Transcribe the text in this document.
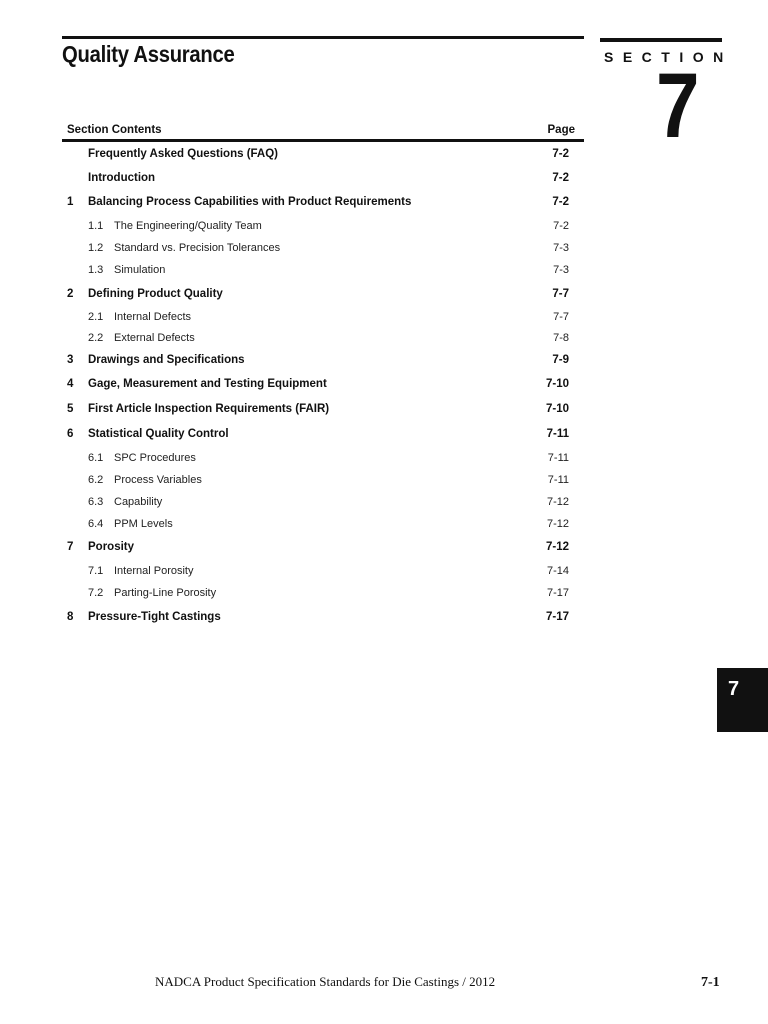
Quality Assurance	SECTION
7
Section Contents	Page
Frequently Asked Questions (FAQ)	7-2
Introduction	7-2
1 Balancing Process Capabilities with Product Requirements	7-2
1.1 The Engineering/Quality Team	7-2
1.2 Standard vs. Precision Tolerances	7-3
1.3 Simulation	7-3
2 Defining Product Quality	7-7
2.1 Internal Defects	7-7
2.2 External Defects	7-8
3 Drawings and Specifications	7-9
4 Gage, Measurement and Testing Equipment	7-10
5 First Article Inspection Requirements (FAIR)	7-10
6 Statistical Quality Control	7-11
6.1 SPC Procedures	7-11
6.2 Process Variables	7-11
6.3 Capability	7-12
6.4 PPM Levels	7-12
7 Porosity	7-12
7.1 Internal Porosity	7-14
7.2 Parting-Line Porosity	7-17
8 Pressure-Tight Castings	7-17
7
NADCA Product Specification Standards for Die Castings / 2012	7-1
